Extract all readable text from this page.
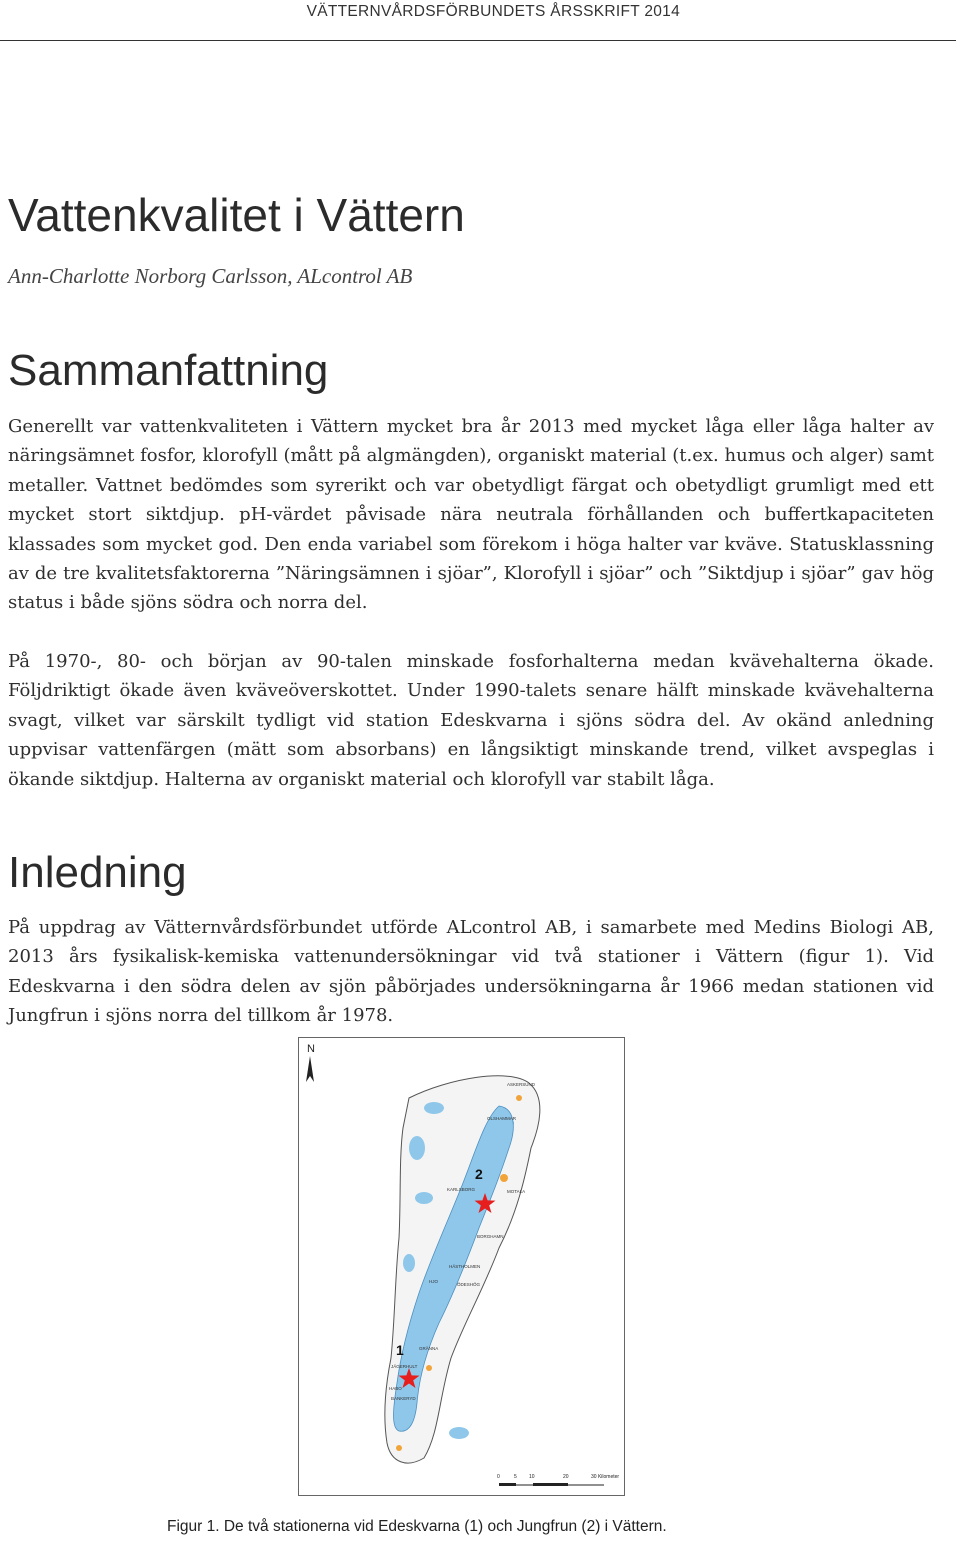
VÄTTERNVÅRDSFÖRBUNDETS ÅRSSKRIFT 2014
Vattenkvalitet i Vättern
Ann-Charlotte Norborg Carlsson, ALcontrol AB
Sammanfattning

Generellt var vattenkvaliteten i Vättern mycket bra år 2013 med mycket låga eller låga halter av näringsämnet fosfor, klorofyll (mått på algmängden), organiskt material (t.ex. humus och alger) samt metaller. Vattnet bedömdes som syrerikt och var obetydligt färgat och obetydligt grumligt med ett mycket stort siktdjup. pH-värdet påvisade nära neutrala förhållanden och buffertkapaciteten klassades som mycket god. Den enda variabel som förekom i höga halter var kväve. Statusklassning av de tre kvalitetsfaktorerna ”Näringsämnen i sjöar”, Klorofyll i sjöar” och ”Siktdjup i sjöar” gav hög status i både sjöns södra och norra del.

På 1970-, 80- och början av 90-talen minskade fosforhalterna medan kvävehalterna ökade. Följdriktigt ökade även kväveöverskottet. Under 1990-talets senare hälft minskade kvävehalterna svagt, vilket var särskilt tydligt vid station Edeskvarna i sjöns södra del. Av okänd anledning uppvisar vattenfärgen (mätt som absorbans) en långsiktigt minskande trend, vilket avspeglas i ökande siktdjup. Halterna av organiskt material och klorofyll var stabilt låga.

Inledning

På uppdrag av Vätternvårdsförbundet utförde ALcontrol AB, i samarbete med Medins Biologi AB, 2013 års fysikalisk-kemiska vattenundersökningar vid två stationer i Vättern (figur 1). Vid Edeskvarna i den södra delen av sjön påbörjades undersökningarna år 1966 medan stationen vid Jungfrun i sjöns norra del tillkom år 1978.

N
ASKERSUND
OLSHAMMAR
KARLSBORG	MOTALA
BORGHAMN
HÄSTHOLMEN
HJO
ÖDESHÖG
GRÄNNA
JÄGERHULT
HABO
BANKERYD
2
1
0	5 10	20	30 Kilometer
Figur 1. De två stationerna vid Edeskvarna (1) och Jungfrun (2) i Vättern.
